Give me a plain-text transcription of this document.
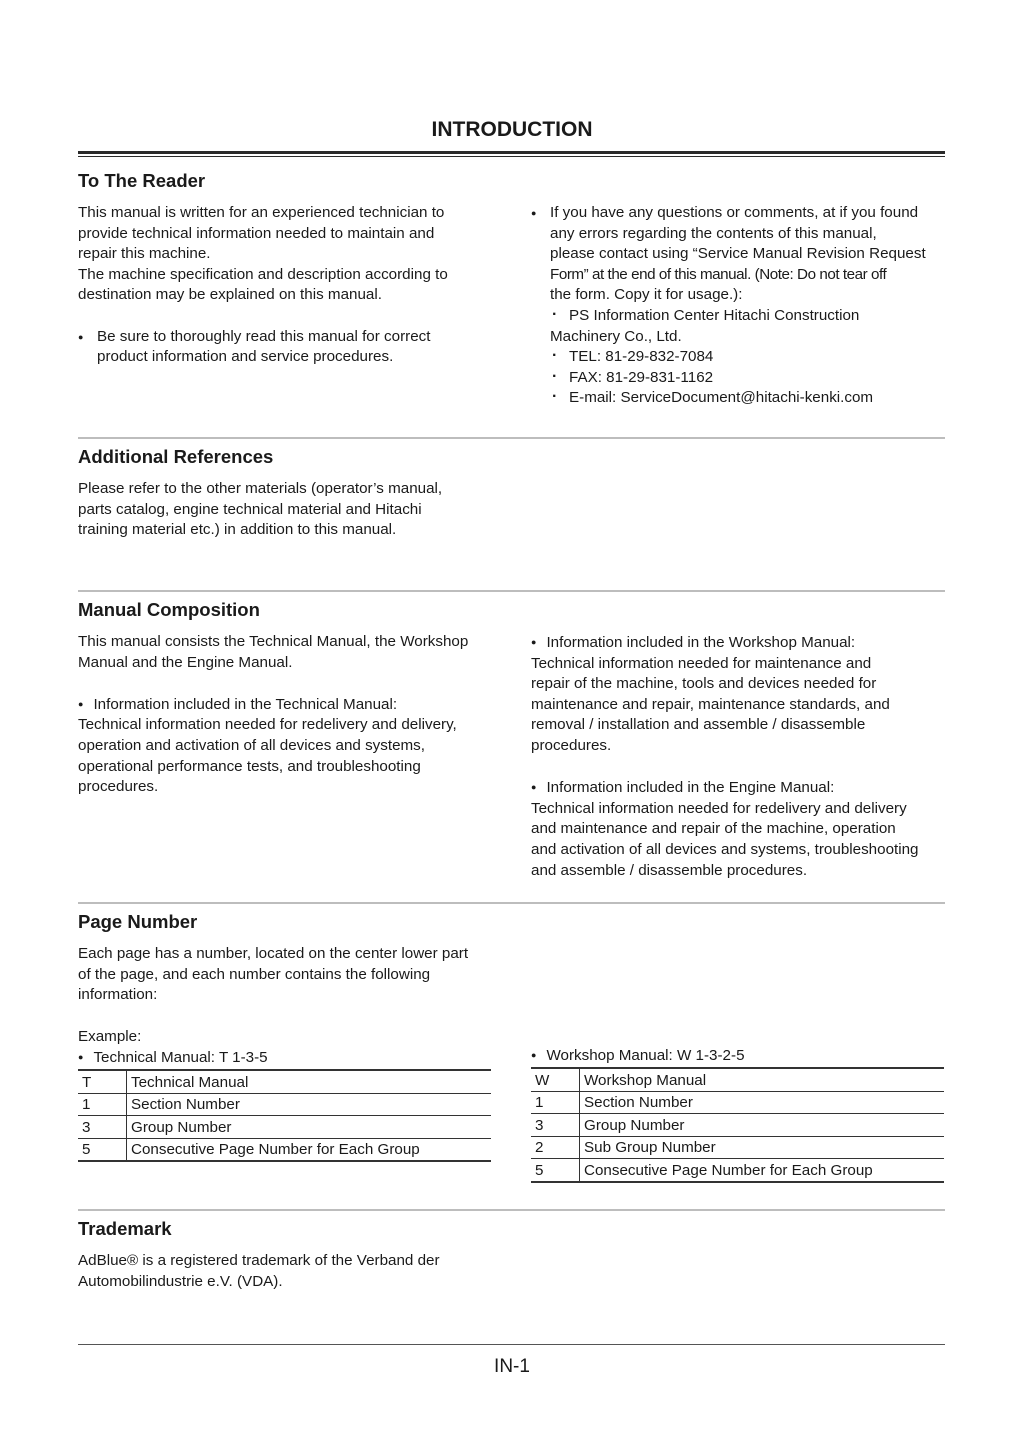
INTRODUCTION
To The Reader
This manual is written for an experienced technician to
provide technical information needed to maintain and
repair this machine.
The machine specification and description according to
destination may be explained on this manual.
● Be sure to thoroughly read this manual for correct
product information and service procedures.
● If you have any questions or comments, at if you found
any errors regarding the contents of this manual,
please contact using “Service Manual Revision Request
Form” at the end of this manual. (Note: Do not tear off
the form. Copy it for usage.):
· PS Information Center Hitachi Construction
Machinery Co., Ltd.
· TEL: 81-29-832-7084
· FAX: 81-29-831-1162
· E-mail: ServiceDocument@hitachi-kenki.com
Additional References
Please refer to the other materials (operator’s manual,
parts catalog, engine technical material and Hitachi
training material etc.) in addition to this manual.
Manual Composition
This manual consists the Technical Manual, the Workshop
Manual and the Engine Manual.
● Information included in the Technical Manual:
Technical information needed for redelivery and delivery,
operation and activation of all devices and systems,
operational performance tests, and troubleshooting
procedures.
● Information included in the Workshop Manual:
Technical information needed for maintenance and
repair of the machine, tools and devices needed for
maintenance and repair, maintenance standards, and
removal / installation and assemble / disassemble
procedures.
● Information included in the Engine Manual:
Technical information needed for redelivery and delivery
and maintenance and repair of the machine, operation
and activation of all devices and systems, troubleshooting
and assemble / disassemble procedures.
Page Number
Each page has a number, located on the center lower part
of the page, and each number contains the following
information:
Example:
● Technical Manual: T 1-3-5
T	Technical Manual
1	Section Number
3	Group Number
5	Consecutive Page Number for Each Group
● Workshop Manual: W 1-3-2-5
W	Workshop Manual
1	Section Number
3	Group Number
2	Sub Group Number
5	Consecutive Page Number for Each Group
Trademark
AdBlue® is a registered trademark of the Verband der
Automobilindustrie e.V. (VDA).
IN-1
